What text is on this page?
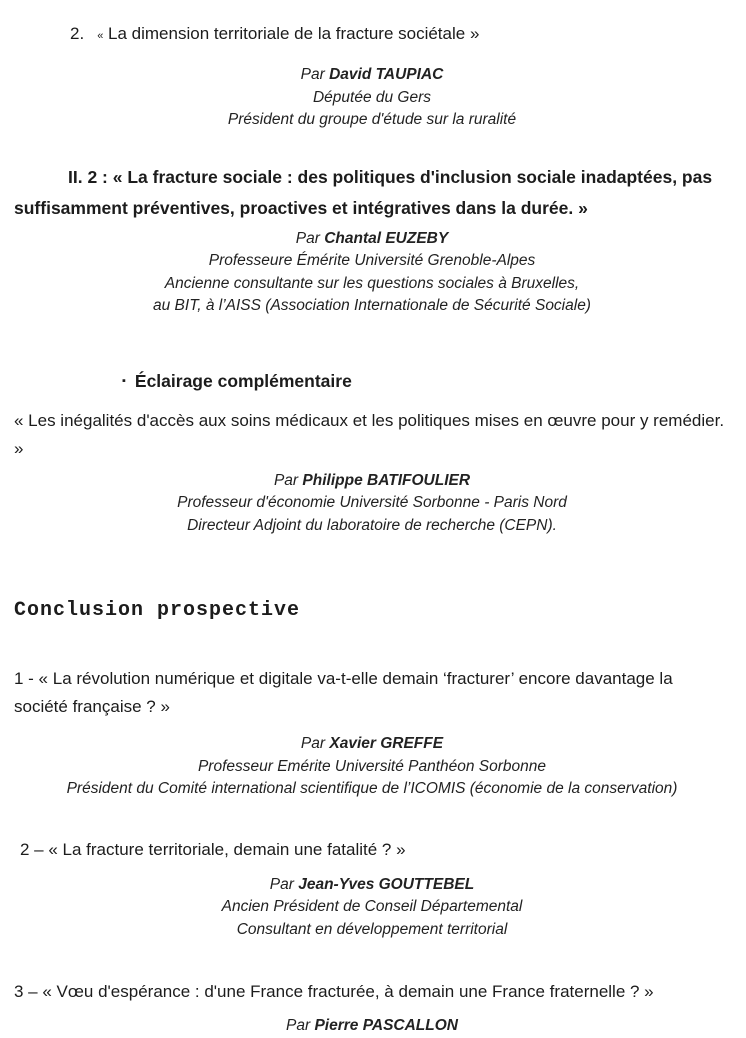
2. « La dimension territoriale de la fracture sociétale »
Par David TAUPIAC
Députée du Gers
Président du groupe d'étude sur la ruralité
II. 2 : « La fracture sociale : des politiques d'inclusion sociale inadaptées, pas suffisamment préventives, proactives et intégratives dans la durée. »
Par Chantal EUZEBY
Professeure Émérite Université Grenoble-Alpes
Ancienne consultante sur les questions sociales à Bruxelles,
au BIT, à l’AISS (Association Internationale de Sécurité Sociale)
▪ Éclairage complémentaire
« Les inégalités d'accès aux soins médicaux et les politiques mises en œuvre pour y remédier. »
Par Philippe BATIFOULIER
Professeur d'économie Université Sorbonne - Paris Nord
Directeur Adjoint du laboratoire de recherche (CEPN).
Conclusion prospective
1 - « La révolution numérique et digitale va-t-elle demain ‘fracturer’ encore davantage la société française ? »
Par Xavier GREFFE
Professeur Emérite Université Panthéon Sorbonne
Président du Comité international scientifique de l’ICOMIS (économie de la conservation)
2 – « La fracture territoriale, demain une fatalité ? »
Par Jean-Yves GOUTTEBEL
Ancien Président de Conseil Départemental
Consultant en développement territorial
3 – « Vœu d'espérance : d'une France fracturée, à demain une France fraternelle ? »
Par Pierre PASCALLON
